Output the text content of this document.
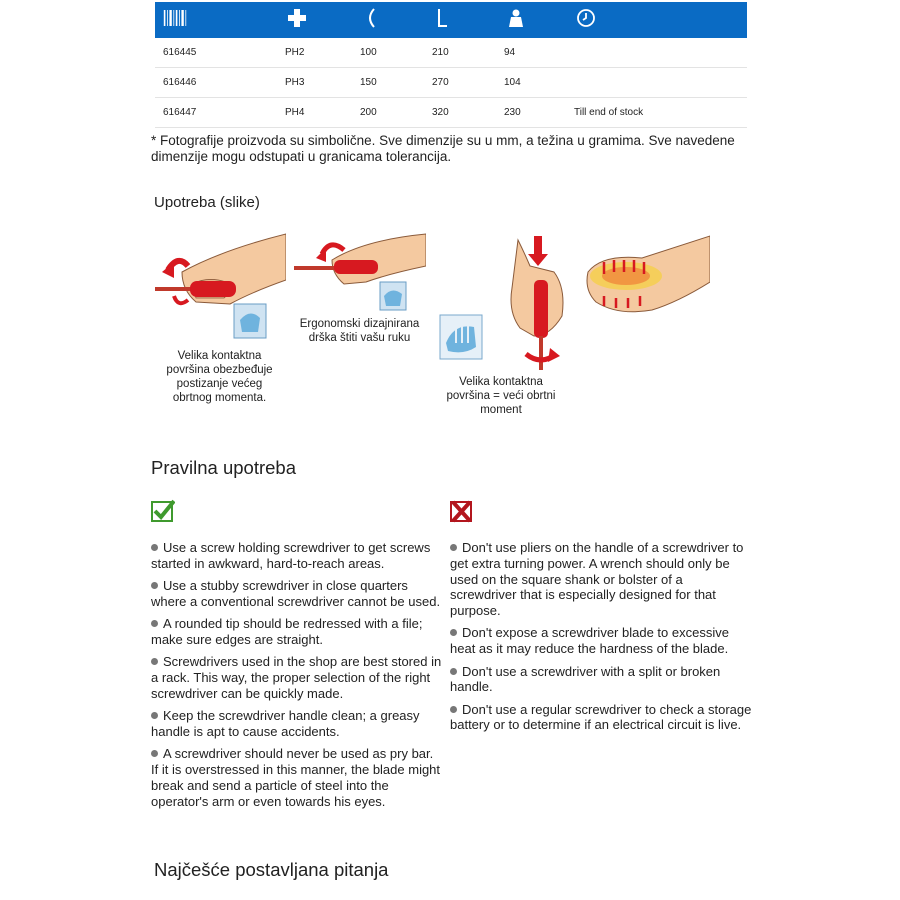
616445	PH2	100	210	94	
616446	PH3	150	270	104	
616447	PH4	200	320	230	Till end of stock
* Fotografije proizvoda su simbolične. Sve dimenzije su u mm, a težina u gramima. Sve navedene dimenzije mogu odstupati u granicama tolerancija.
Upotreba (slike)
Velika kontaktna površina obezbeđuje postizanje većeg obrtnog momenta.
Ergonomski dizajnirana drška štiti vašu ruku
Velika kontaktna površina = veći obrtni moment
Pravilna upotreba
Use a screw holding screwdriver to get screws started in awkward, hard-to-reach areas.
Use a stubby screwdriver in close quarters where a conventional screwdriver cannot be used.
A rounded tip should be redressed with a file; make sure edges are straight.
Screwdrivers used in the shop are best stored in a rack. This way, the proper selection of the right screwdriver can be quickly made.
Keep the screwdriver handle clean; a greasy handle is apt to cause accidents.
A screwdriver should never be used as pry bar. If it is overstressed in this manner, the blade might break and send a particle of steel into the operator's arm or even towards his eyes.
Don't use pliers on the handle of a screwdriver to get extra turning power. A wrench should only be used on the square shank or bolster of a screwdriver that is especially designed for that purpose.
Don't expose a screwdriver blade to excessive heat as it may reduce the hardness of the blade.
Don't use a screwdriver with a split or broken handle.
Don't use a regular screwdriver to check a storage battery or to determine if an electrical circuit is live.
Najčešće postavljana pitanja
